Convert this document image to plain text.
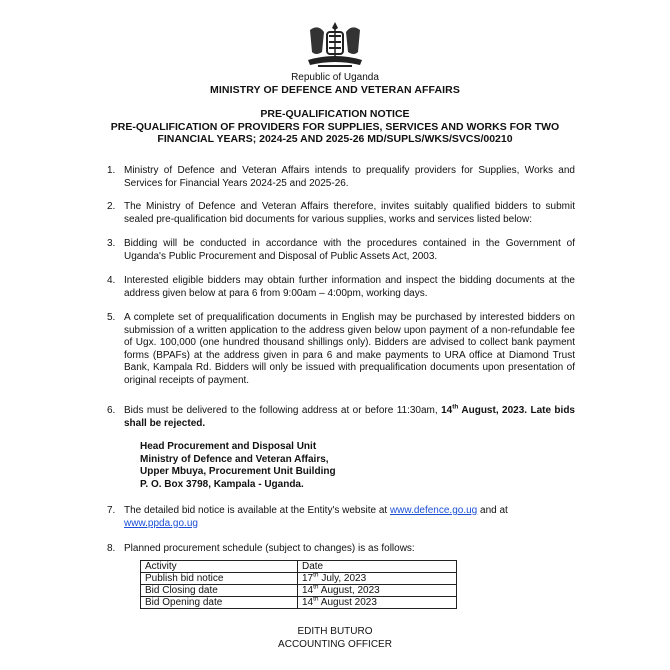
Republic of Uganda
MINISTRY OF DEFENCE AND VETERAN AFFAIRS
PRE-QUALIFICATION NOTICE
PRE-QUALIFICATION OF PROVIDERS FOR SUPPLIES, SERVICES AND WORKS FOR TWO
FINANCIAL YEARS; 2024-25 AND 2025-26 MD/SUPLS/WKS/SVCS/00210
1. Ministry of Defence and Veteran Affairs intends to prequalify providers for Supplies, Works and Services for Financial Years 2024-25 and 2025-26.

2. The Ministry of Defence and Veteran Affairs therefore, invites suitably qualified bidders to submit sealed pre-qualification bid documents for various supplies, works and services listed below:

3. Bidding will be conducted in accordance with the procedures contained in the Government of Uganda's Public Procurement and Disposal of Public Assets Act, 2003.

4. Interested eligible bidders may obtain further information and inspect the bidding documents at the address given below at para 6 from 9:00am – 4:00pm, working days.

5. A complete set of prequalification documents in English may be purchased by interested bidders on submission of a written application to the address given below upon payment of a non-refundable fee of Ugx. 100,000 (one hundred thousand shillings only). Bidders are advised to collect bank payment forms (BPAFs) at the address given in para 6 and make payments to URA office at Diamond Trust Bank, Kampala Rd. Bidders will only be issued with prequalification documents upon presentation of original receipts of payment.

6. Bids must be delivered to the following address at or before 11:30am, 14th August, 2023. Late bids shall be rejected.

7. The detailed bid notice is available at the Entity's website at www.defence.go.ug and at
www.ppda.go.ug

8. Planned procurement schedule (subject to changes) is as follows:

Head Procurement and Disposal Unit
Ministry of Defence and Veteran Affairs,
Upper Mbuya, Procurement Unit Building
P. O. Box 3798, Kampala - Uganda.
Activity	Date
Publish bid notice	17th July, 2023
Bid Closing date	14th August, 2023
Bid Opening date	14th August 2023
EDITH BUTURO
ACCOUNTING OFFICER
